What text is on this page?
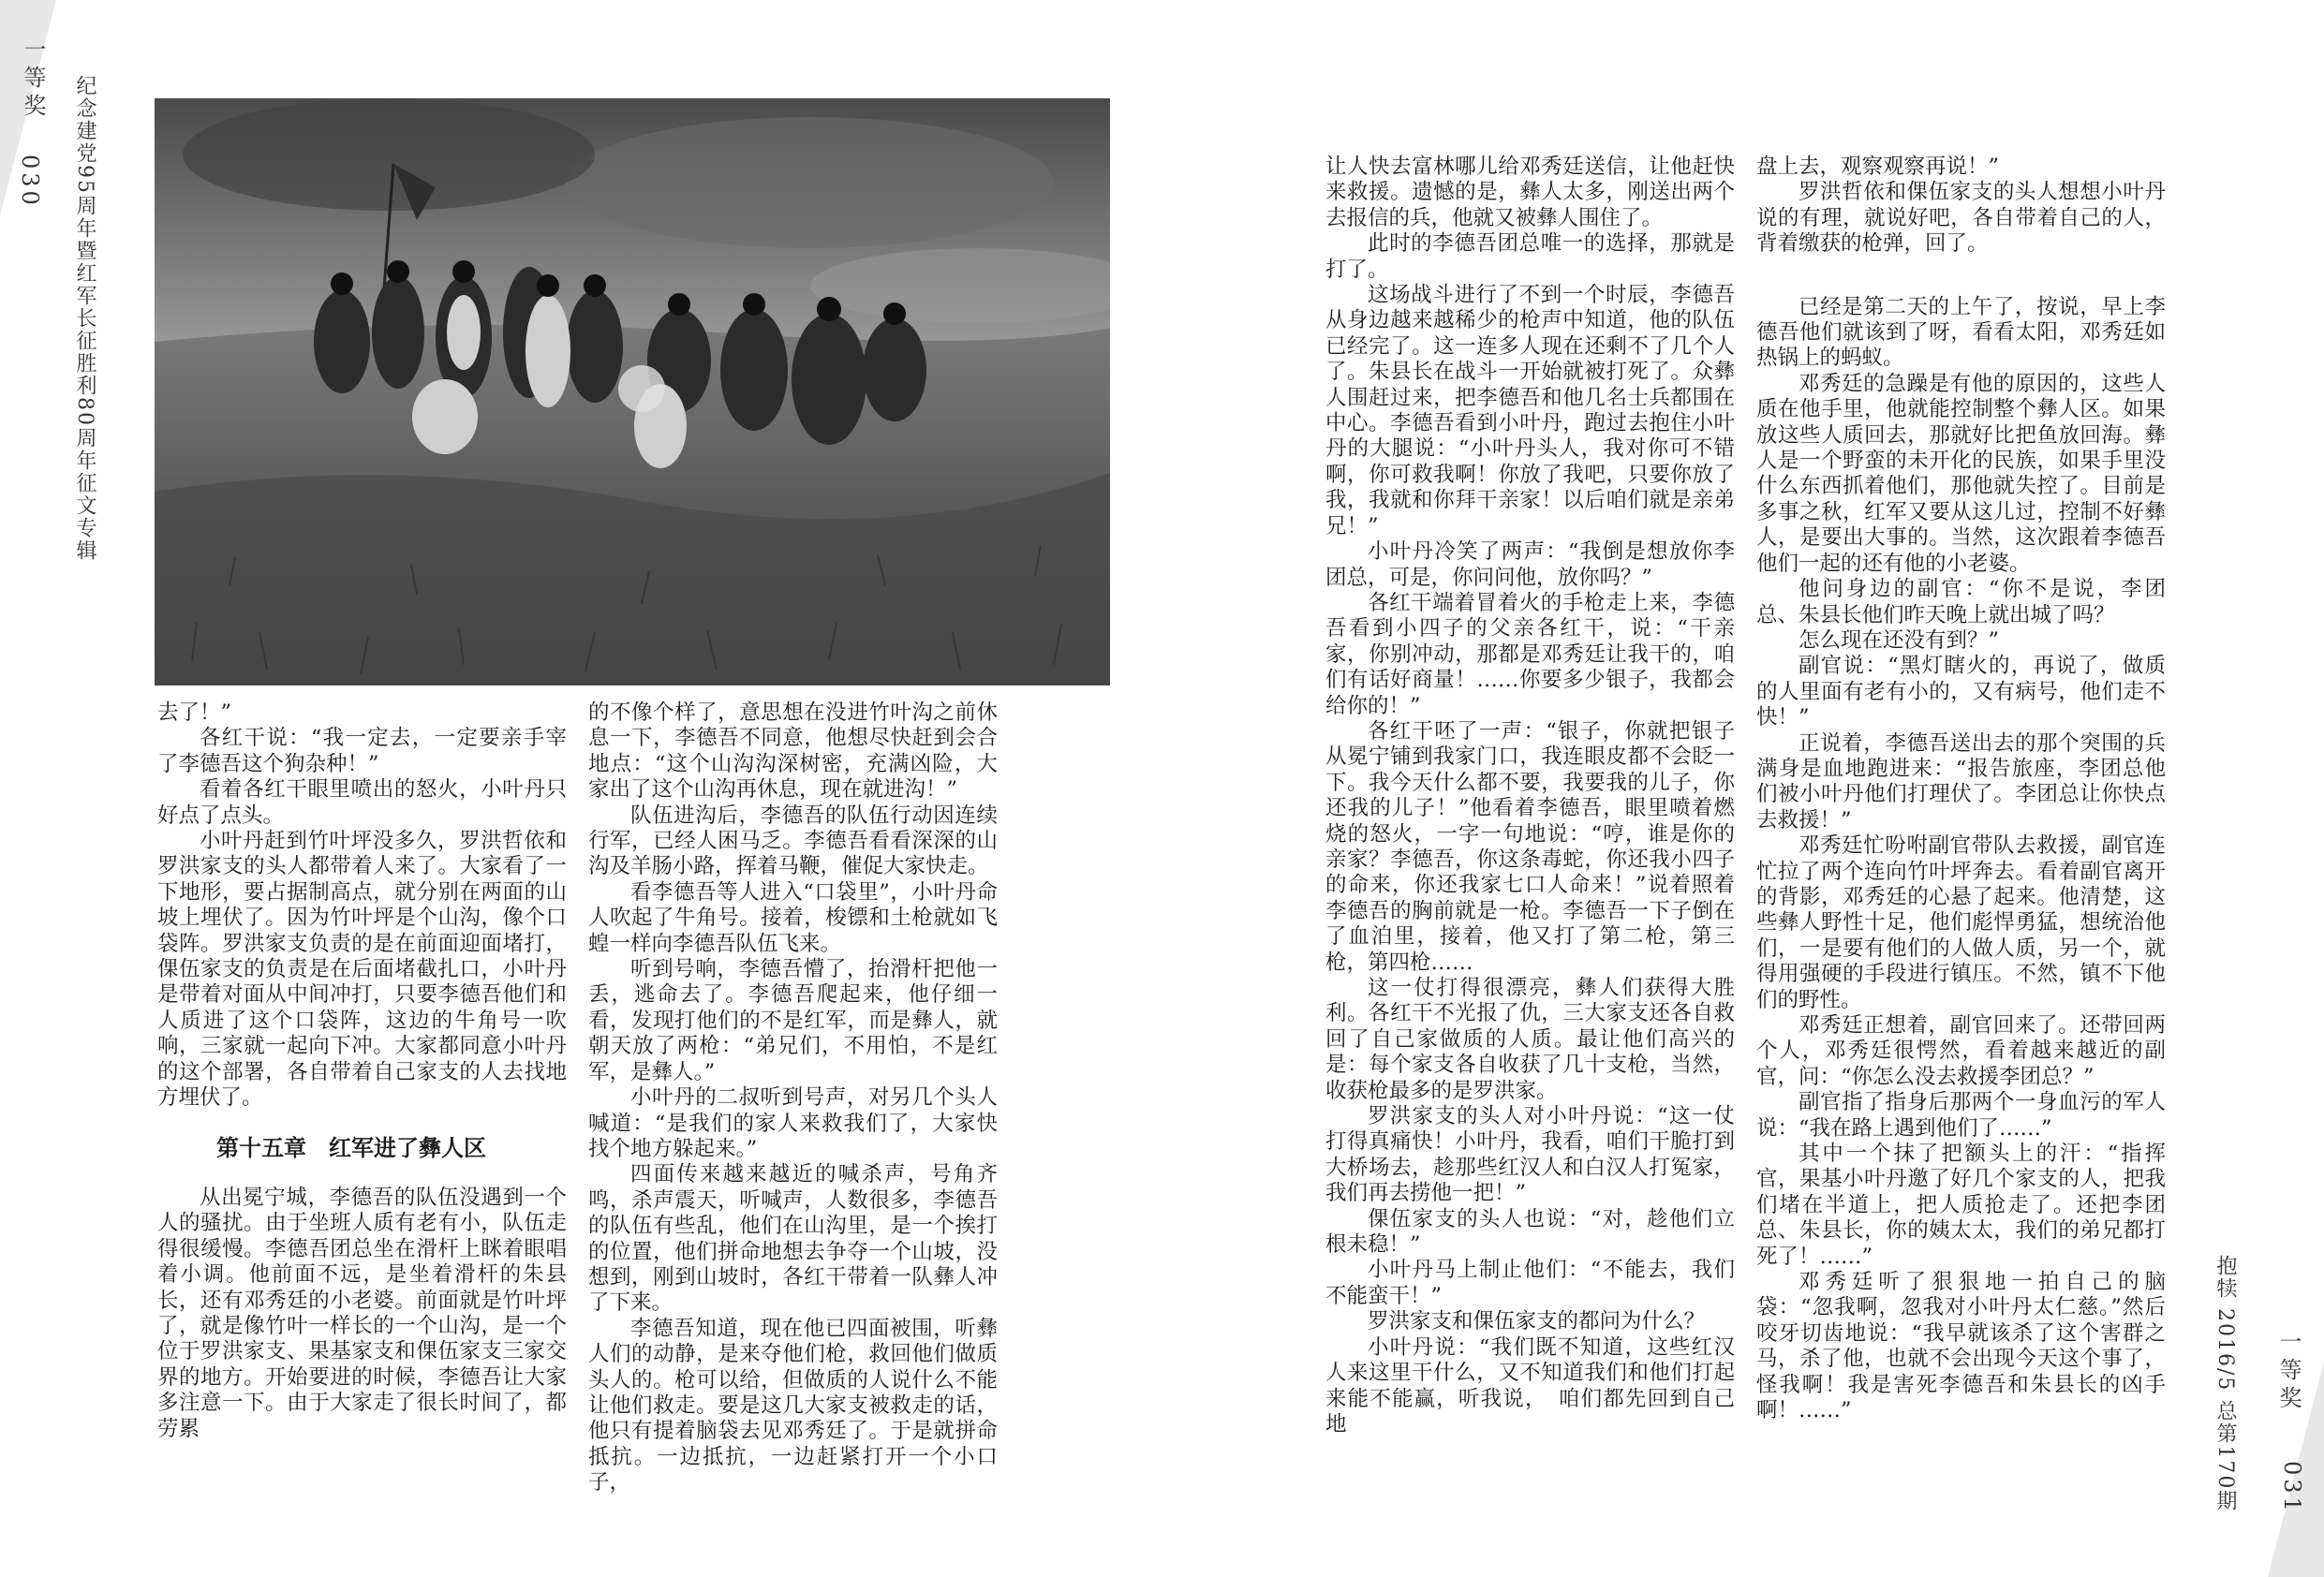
一等奖
030 纪念建党95周年暨红军长征胜利80周年征文专辑
抱犊 2016/5 总第170期 一等奖
031

去了！”

各红干说：“我一定去，一定要亲手宰了李德吾这个狗杂种！”

看着各红干眼里喷出的怒火，小叶丹只好点了点头。

小叶丹赶到竹叶坪没多久，罗洪哲依和罗洪家支的头人都带着人来了。大家看了一下地形，要占据制高点，就分别在两面的山坡上埋伏了。因为竹叶坪是个山沟，像个口袋阵。罗洪家支负责的是在前面迎面堵打，倮伍家支的负责是在后面堵截扎口，小叶丹是带着对面从中间冲打，只要李德吾他们和人质进了这个口袋阵，这边的牛角号一吹响，三家就一起向下冲。大家都同意小叶丹的这个部署，各自带着自己家支的人去找地方埋伏了。

第十五章　红军进了彝人区

从出冕宁城，李德吾的队伍没遇到一个人的骚扰。由于坐班人质有老有小，队伍走得很缓慢。李德吾团总坐在滑杆上眯着眼唱着小调。他前面不远，是坐着滑杆的朱县长，还有邓秀廷的小老婆。前面就是竹叶坪了，就是像竹叶一样长的一个山沟，是一个位于罗洪家支、果基家支和倮伍家支三家交界的地方。开始要进的时候，李德吾让大家多注意一下。由于大家走了很长时间了，都劳累

的不像个样了，意思想在没进竹叶沟之前休息一下，李德吾不同意，他想尽快赶到会合地点：“这个山沟沟深树密，充满凶险，大家出了这个山沟再休息，现在就进沟！”

队伍进沟后，李德吾的队伍行动因连续行军，已经人困马乏。李德吾看看深深的山沟及羊肠小路，挥着马鞭，催促大家快走。

看李德吾等人进入“口袋里”，小叶丹命人吹起了牛角号。接着，梭镖和土枪就如飞蝗一样向李德吾队伍飞来。

听到号响，李德吾懵了，抬滑杆把他一丢，逃命去了。李德吾爬起来，他仔细一看，发现打他们的不是红军，而是彝人，就朝天放了两枪：“弟兄们，不用怕，不是红军，是彝人。”

小叶丹的二叔听到号声，对另几个头人喊道：“是我们的家人来救我们了，大家快找个地方躲起来。”

四面传来越来越近的喊杀声，号角齐鸣，杀声震天，听喊声，人数很多，李德吾的队伍有些乱，他们在山沟里，是一个挨打的位置，他们拼命地想去争夺一个山坡，没想到，刚到山坡时，各红干带着一队彝人冲了下来。

李德吾知道，现在他已四面被围，听彝人们的动静，是来夺他们枪，救回他们做质头人的。枪可以给，但做质的人说什么不能让他们救走。要是这几大家支被救走的话，他只有提着脑袋去见邓秀廷了。于是就拼命抵抗。一边抵抗，一边赶紧打开一个小口子，

让人快去富林哪儿给邓秀廷送信，让他赶快来救援。遗憾的是，彝人太多，刚送出两个去报信的兵，他就又被彝人围住了。

此时的李德吾团总唯一的选择，那就是打了。

这场战斗进行了不到一个时辰，李德吾从身边越来越稀少的枪声中知道，他的队伍已经完了。这一连多人现在还剩不了几个人了。朱县长在战斗一开始就被打死了。众彝人围赶过来，把李德吾和他几名士兵都围在中心。李德吾看到小叶丹，跑过去抱住小叶丹的大腿说：“小叶丹头人，我对你可不错啊，你可救我啊！你放了我吧，只要你放了我，我就和你拜干亲家！以后咱们就是亲弟兄！”

小叶丹冷笑了两声：“我倒是想放你李团总，可是，你问问他，放你吗？”

各红干端着冒着火的手枪走上来，李德吾看到小四子的父亲各红干，说：“干亲家，你别冲动，那都是邓秀廷让我干的，咱们有话好商量！……你要多少银子，我都会给你的！”

各红干呸了一声：“银子，你就把银子从冕宁铺到我家门口，我连眼皮都不会眨一下。我今天什么都不要，我要我的儿子，你还我的儿子！”他看着李德吾，眼里喷着燃烧的怒火，一字一句地说：“哼，谁是你的亲家？李德吾，你这条毒蛇，你还我小四子的命来，你还我家七口人命来！”说着照着李德吾的胸前就是一枪。李德吾一下子倒在了血泊里，接着，他又打了第二枪，第三枪，第四枪……

这一仗打得很漂亮，彝人们获得大胜利。各红干不光报了仇，三大家支还各自救回了自己家做质的人质。最让他们高兴的是：每个家支各自收获了几十支枪，当然，收获枪最多的是罗洪家。

罗洪家支的头人对小叶丹说：“这一仗打得真痛快！小叶丹，我看，咱们干脆打到大桥场去，趁那些红汉人和白汉人打冤家，我们再去捞他一把！”

倮伍家支的头人也说：“对，趁他们立根未稳！”

小叶丹马上制止他们：“不能去，我们不能蛮干！”

罗洪家支和倮伍家支的都问为什么？

小叶丹说：“我们既不知道，这些红汉人来这里干什么，又不知道我们和他们打起来能不能赢，听我说，　咱们都先回到自己地

盘上去，观察观察再说！”

罗洪哲依和倮伍家支的头人想想小叶丹说的有理，就说好吧，各自带着自己的人，背着缴获的枪弹，回了。

已经是第二天的上午了，按说，早上李德吾他们就该到了呀，看看太阳，邓秀廷如热锅上的蚂蚁。

邓秀廷的急躁是有他的原因的，这些人质在他手里，他就能控制整个彝人区。如果放这些人质回去，那就好比把鱼放回海。彝人是一个野蛮的未开化的民族，如果手里没什么东西抓着他们，那他就失控了。目前是多事之秋，红军又要从这儿过，控制不好彝人，是要出大事的。当然，这次跟着李德吾他们一起的还有他的小老婆。

他问身边的副官：“你不是说，李团总、朱县长他们昨天晚上就出城了吗？

怎么现在还没有到？”

副官说：“黑灯瞎火的，再说了，做质的人里面有老有小的，又有病号，他们走不快！”

正说着，李德吾送出去的那个突围的兵满身是血地跑进来：“报告旅座，李团总他们被小叶丹他们打理伏了。李团总让你快点去救援！”

邓秀廷忙吩咐副官带队去救援，副官连忙拉了两个连向竹叶坪奔去。看着副官离开的背影，邓秀廷的心悬了起来。他清楚，这些彝人野性十足，他们彪悍勇猛，想统治他们，一是要有他们的人做人质，另一个，就得用强硬的手段进行镇压。不然，镇不下他们的野性。

邓秀廷正想着，副官回来了。还带回两个人，邓秀廷很愕然，看着越来越近的副官，问：“你怎么没去救援李团总？”

副官指了指身后那两个一身血污的军人说：“我在路上遇到他们了……”

其中一个抹了把额头上的汗：“指挥官，果基小叶丹邀了好几个家支的人，把我们堵在半道上，把人质抢走了。还把李团总、朱县长，你的姨太太，我们的弟兄都打死了！……”

邓秀廷听了狠狠地一拍自己的脑袋：“忽我啊，忽我对小叶丹太仁慈。”然后咬牙切齿地说：“我早就该杀了这个害群之马，杀了他，也就不会出现今天这个事了，怪我啊！我是害死李德吾和朱县长的凶手啊！……”
